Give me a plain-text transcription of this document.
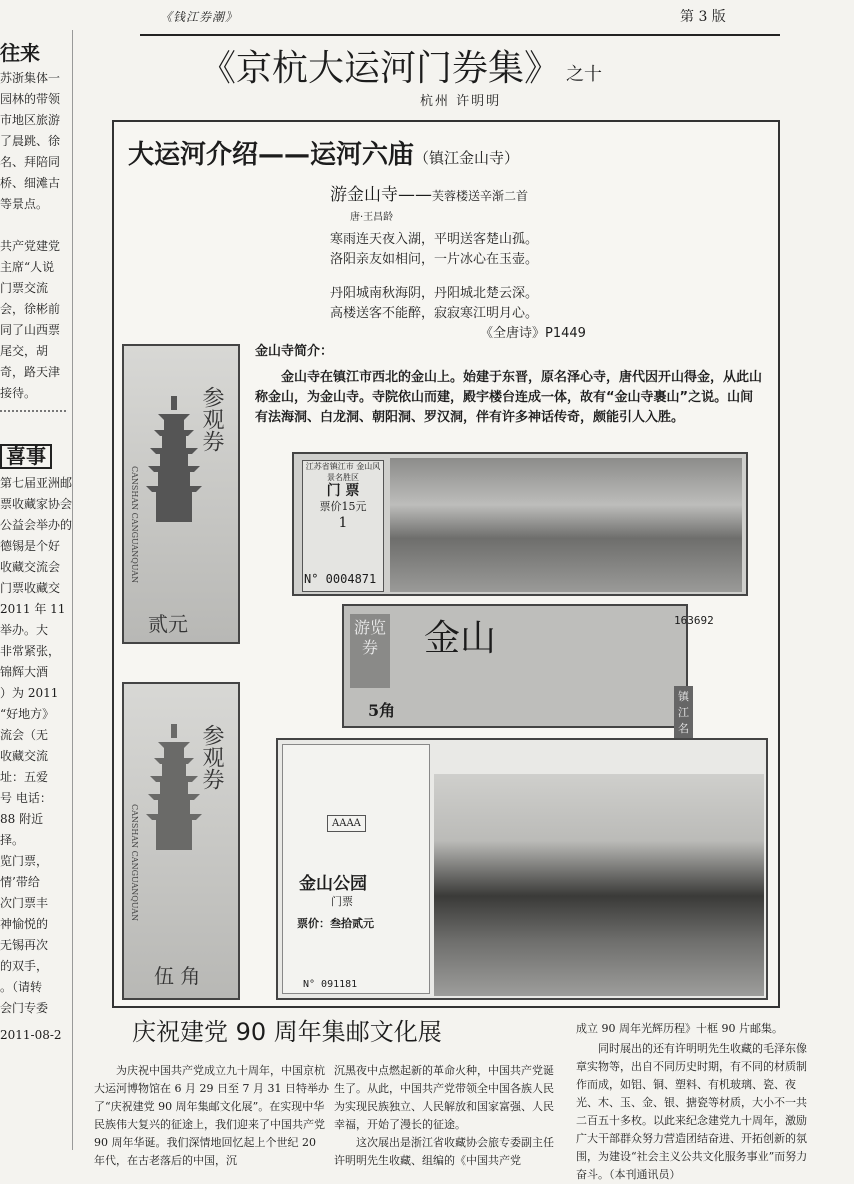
《钱江券潮》	第 3 版
往来

苏浙集体一

园林的带领

市地区旅游

了晨跳、徐

名、拜陪同

桥、细滩古

等景点。

共产党建党

主席“人说

门票交流

会，徐彬前

同了山西票

尾交，胡

奇，路天津

接待。

喜事

第七届亚洲邮

票收藏家协会

公益会举办的

德锡是个好

收藏交流会

门票收藏交

2011 年 11

举办。大

非常紧张，

锦辉大酒

）为 2011

“好地方》

流会（无

收藏交流

址：五爱

号 电话：

88 附近

择。

览门票，

情’带给

次门票丰

神愉悦的

无锡再次

的双手，

。（请转

会门专委

2011-08-2

《京杭大运河门券集》 之十
杭州 许明明
大运河介绍——运河六庙（镇江金山寺）
游金山寺——芙蓉楼送辛渐二首
唐·王昌龄
寒雨连天夜入湖，平明送客楚山孤。
洛阳亲友如相问，一片冰心在玉壶。
丹阳城南秋海阴，丹阳城北楚云深。
高楼送客不能醉，寂寂寒江明月心。
《全唐诗》P1449
金山寺简介：
金山寺在镇江市西北的金山上。始建于东晋，原名泽心寺，唐代因开山得金，从此山称金山，为金山寺。寺院依山而建，殿宇楼台连成一体，故有“金山寺裹山”之说。山间有法海洞、白龙洞、朝阳洞、罗汉洞，伴有许多神话传奇，颇能引人入胜。
参观券
CANSHAN CANGUANQUAN
贰元
参观券
CANSHAN CANGUANQUAN
伍 角
江苏省镇江市 金山风景名胜区
门 票
票价15元
1
N° 0004871
游览券	金山	163692
5角
镇江名
AAAA
金山公园
门票
票价：叁拾贰元
N° 091181
庆祝建党 90 周年集邮文化展
为庆祝中国共产党成立九十周年，中国京杭大运河博物馆在 6 月 29 日至 7 月 31 日特举办了“庆祝建党 90 周年集邮文化展”。在实现中华民族伟大复兴的征途上，我们迎来了中国共产党 90 周年华诞。我们深情地回忆起上个世纪 20 年代，在古老落后的中国，沉
沉黑夜中点燃起新的革命火种，中国共产党诞生了。从此，中国共产党带领全中国各族人民为实现民族独立、人民解放和国家富强、人民幸福，开始了漫长的征途。
这次展出是浙江省收藏协会旅专委副主任许明明先生收藏、组编的《中国共产党
成立 90 周年光辉历程》十框 90 片邮集。
同时展出的还有许明明先生收藏的毛泽东像章实物等，出自不同历史时期，有不同的材质制作而成，如铝、铜、塑料、有机玻璃、瓷、夜光、木、玉、金、银、搪瓷等材质，大小不一共二百五十多枚。以此来纪念建党九十周年，激励广大干部群众努力营造团结奋进、开拓创新的氛围，为建设“社会主义公共文化服务事业”而努力奋斗。（本刊通讯员）
